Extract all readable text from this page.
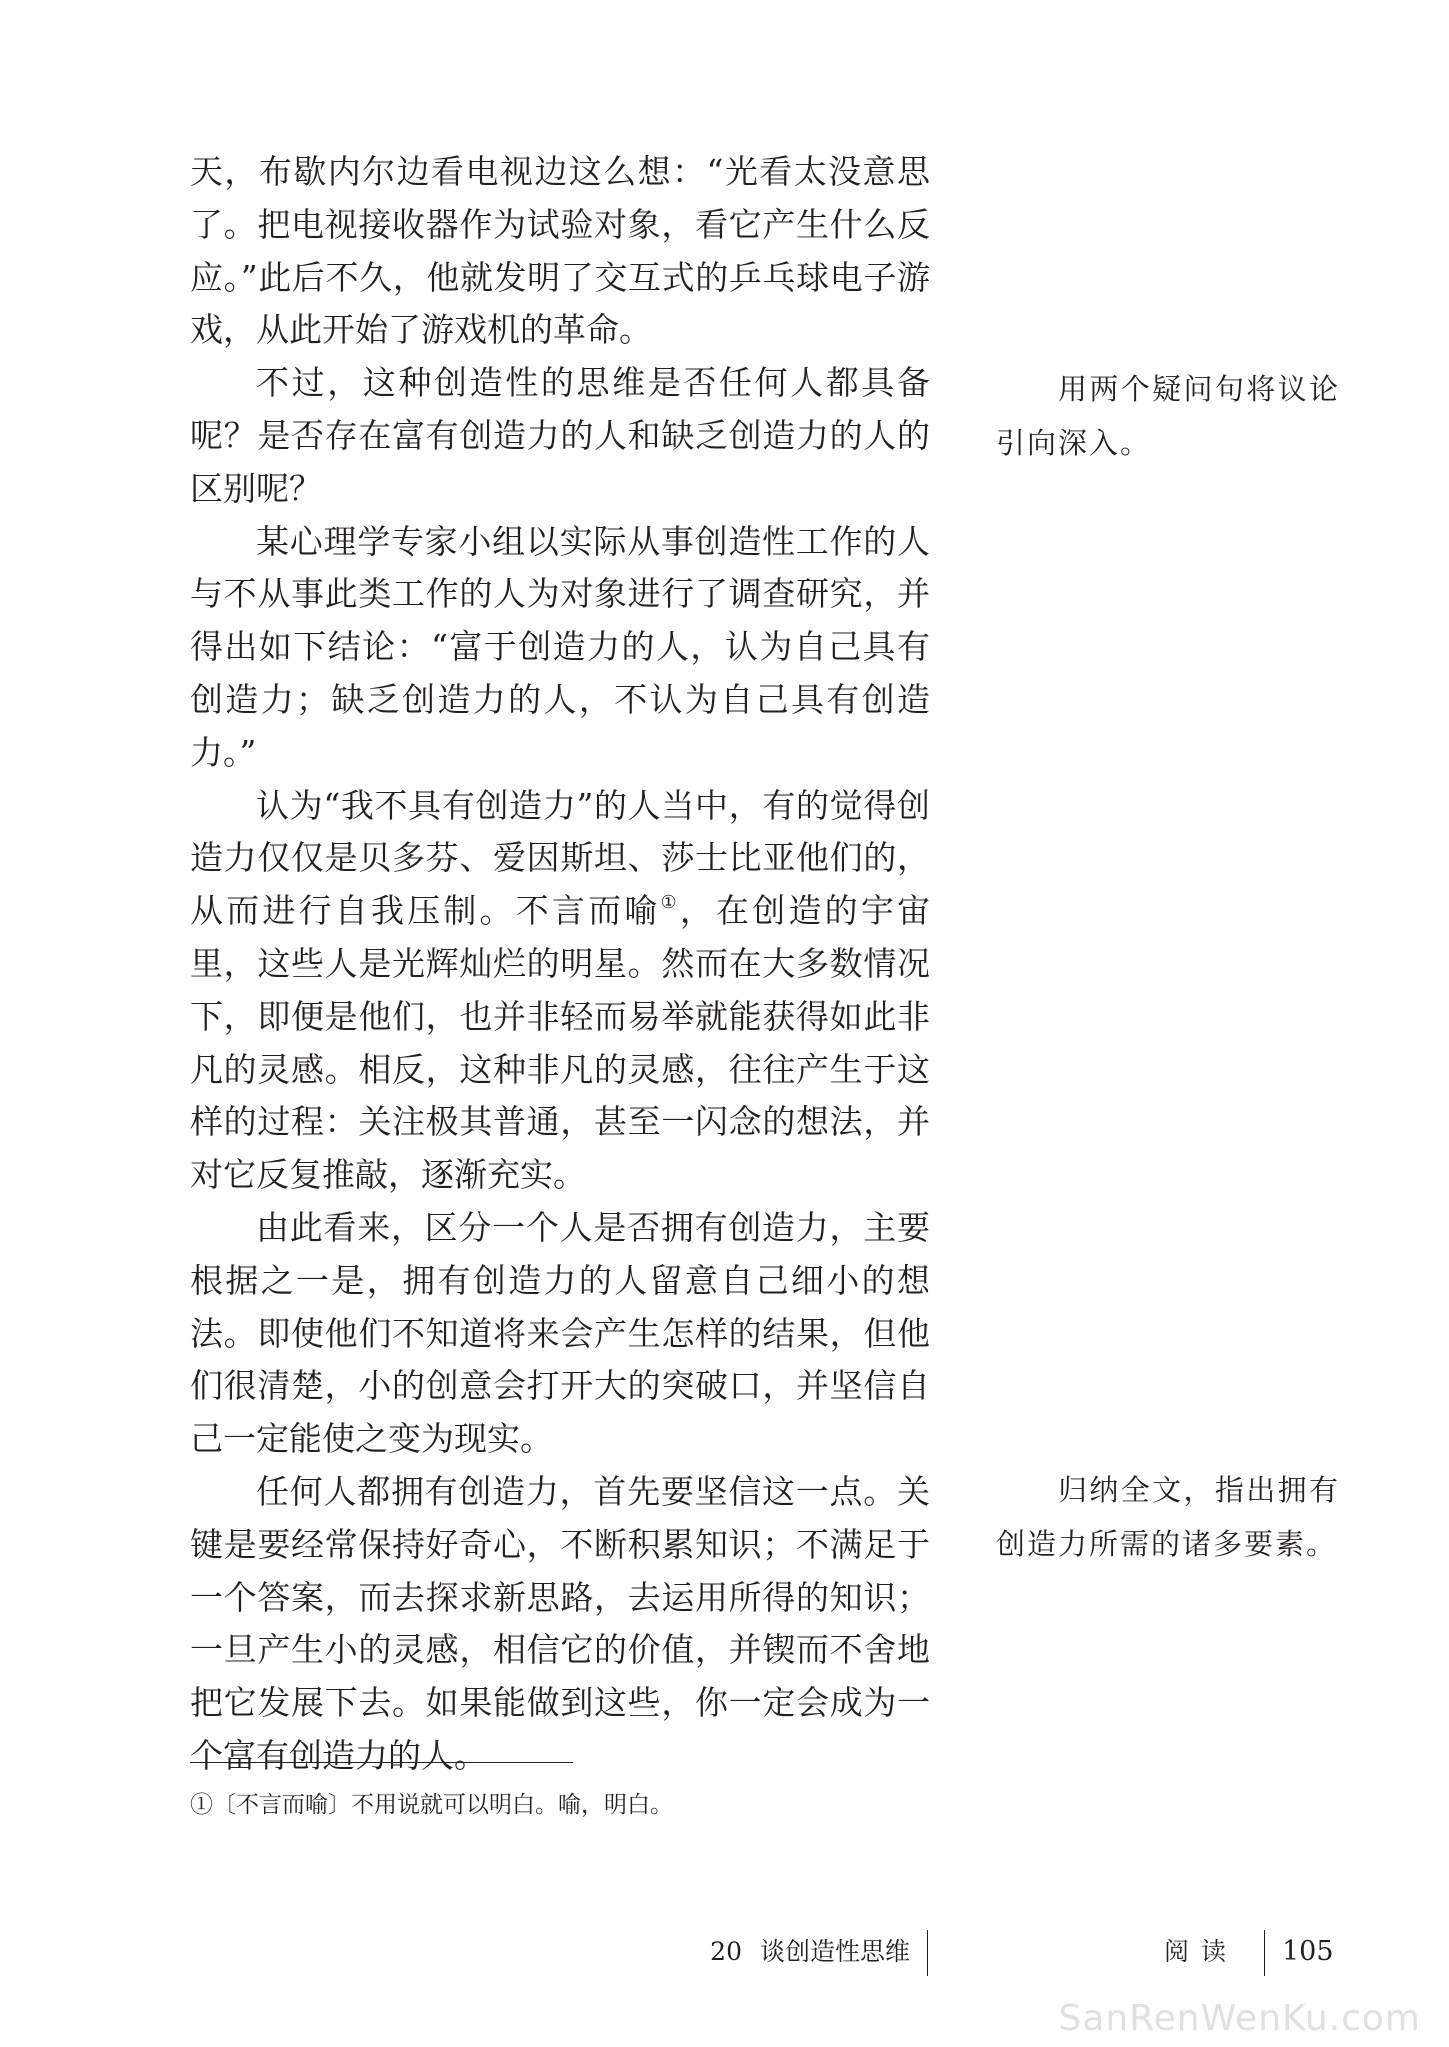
天，布歇内尔边看电视边这么想：“光看太没意思了。把电视接收器作为试验对象，看它产生什么反应。”此后不久，他就发明了交互式的乒乓球电子游戏，从此开始了游戏机的革命。

不过，这种创造性的思维是否任何人都具备呢？是否存在富有创造力的人和缺乏创造力的人的区别呢？

某心理学专家小组以实际从事创造性工作的人与不从事此类工作的人为对象进行了调查研究，并得出如下结论：“富于创造力的人，认为自己具有创造力；缺乏创造力的人，不认为自己具有创造力。”

认为“我不具有创造力”的人当中，有的觉得创造力仅仅是贝多芬、爱因斯坦、莎士比亚他们的，从而进行自我压制。不言而喻①，在创造的宇宙里，这些人是光辉灿烂的明星。然而在大多数情况下，即便是他们，也并非轻而易举就能获得如此非凡的灵感。相反，这种非凡的灵感，往往产生于这样的过程：关注极其普通，甚至一闪念的想法，并对它反复推敲，逐渐充实。

由此看来，区分一个人是否拥有创造力，主要根据之一是，拥有创造力的人留意自己细小的想法。即使他们不知道将来会产生怎样的结果，但他们很清楚，小的创意会打开大的突破口，并坚信自己一定能使之变为现实。

任何人都拥有创造力，首先要坚信这一点。关键是要经常保持好奇心，不断积累知识；不满足于一个答案，而去探求新思路，去运用所得的知识；一旦产生小的灵感，相信它的价值，并锲而不舍地把它发展下去。如果能做到这些，你一定会成为一个富有创造力的人。

用两个疑问句将议论引向深入。

归纳全文，指出拥有创造力所需的诸多要素。

①〔不言而喻〕不用说就可以明白。喻，明白。
20 谈创造性思维	阅读 105
SanRenWenKu.com
